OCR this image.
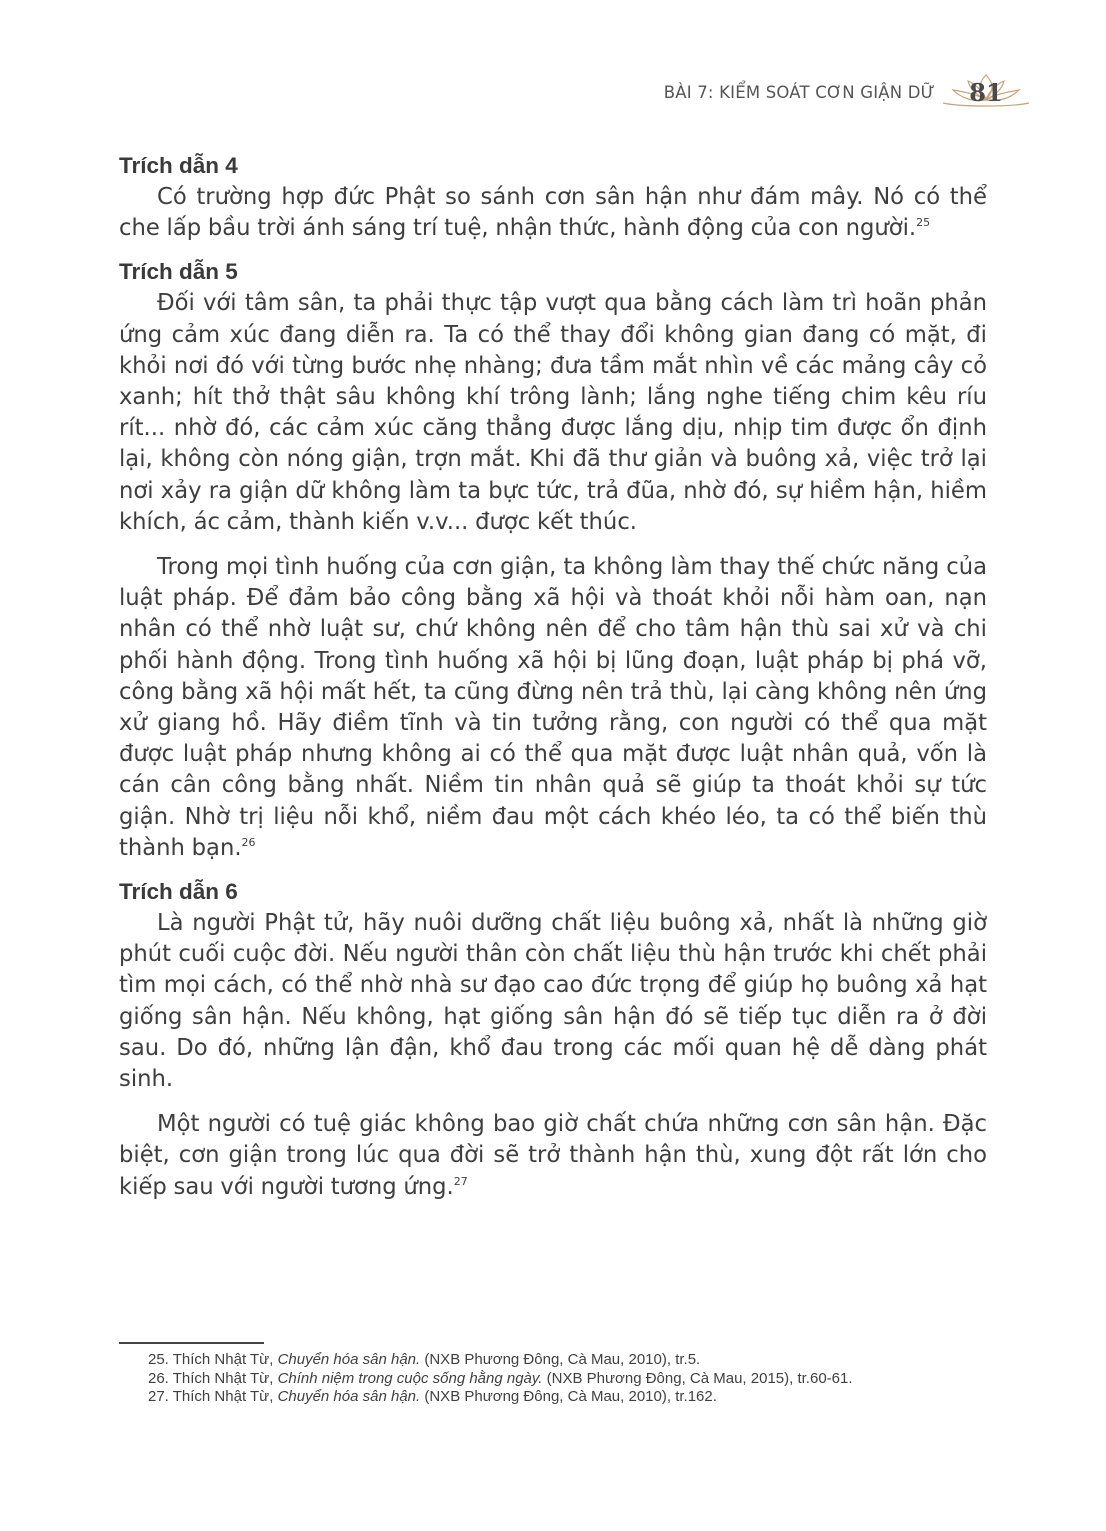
BÀI 7: KIỂM SOÁT CƠN GIẬN DỮ	81
Trích dẫn 4

Có trường hợp đức Phật so sánh cơn sân hận như đám mây. Nó có thể che lấp bầu trời ánh sáng trí tuệ, nhận thức, hành động của con người.$^{25}$

Trích dẫn 5

Đối với tâm sân, ta phải thực tập vượt qua bằng cách làm trì hoãn phản ứng cảm xúc đang diễn ra. Ta có thể thay đổi không gian đang có mặt, đi khỏi nơi đó với từng bước nhẹ nhàng; đưa tầm mắt nhìn về các mảng cây cỏ xanh; hít thở thật sâu không khí trông lành; lắng nghe tiếng chim kêu ríu rít... nhờ đó, các cảm xúc căng thẳng được lắng dịu, nhịp tim được ổn định lại, không còn nóng giận, trợn mắt. Khi đã thư giản và buông xả, việc trở lại nơi xảy ra giận dữ không làm ta bực tức, trả đũa, nhờ đó, sự hiềm hận, hiềm khích, ác cảm, thành kiến v.v... được kết thúc.

Trong mọi tình huống của cơn giận, ta không làm thay thế chức năng của luật pháp. Để đảm bảo công bằng xã hội và thoát khỏi nỗi hàm oan, nạn nhân có thể nhờ luật sư, chứ không nên để cho tâm hận thù sai xử và chi phối hành động. Trong tình huống xã hội bị lũng đoạn, luật pháp bị phá vỡ, công bằng xã hội mất hết, ta cũng đừng nên trả thù, lại càng không nên ứng xử giang hồ. Hãy điềm tĩnh và tin tưởng rằng, con người có thể qua mặt được luật pháp nhưng không ai có thể qua mặt được luật nhân quả, vốn là cán cân công bằng nhất. Niềm tin nhân quả sẽ giúp ta thoát khỏi sự tức giận. Nhờ trị liệu nỗi khổ, niềm đau một cách khéo léo, ta có thể biến thù thành bạn.$^{26}$

Trích dẫn 6

Là người Phật tử, hãy nuôi dưỡng chất liệu buông xả, nhất là những giờ phút cuối cuộc đời. Nếu người thân còn chất liệu thù hận trước khi chết phải tìm mọi cách, có thể nhờ nhà sư đạo cao đức trọng để giúp họ buông xả hạt giống sân hận. Nếu không, hạt giống sân hận đó sẽ tiếp tục diễn ra ở đời sau. Do đó, những lận đận, khổ đau trong các mối quan hệ dễ dàng phát sinh.

Một người có tuệ giác không bao giờ chất chứa những cơn sân hận. Đặc biệt, cơn giận trong lúc qua đời sẽ trở thành hận thù, xung đột rất lớn cho kiếp sau với người tương ứng.$^{27}$

25. Thích Nhật Từ, Chuyển hóa sân hận. (NXB Phương Đông, Cà Mau, 2010), tr.5.

26. Thích Nhật Từ, Chính niệm trong cuộc sống hằng ngày. (NXB Phương Đông, Cà Mau, 2015), tr.60-61.

27. Thích Nhật Từ, Chuyển hóa sân hận. (NXB Phương Đông, Cà Mau, 2010), tr.162.
